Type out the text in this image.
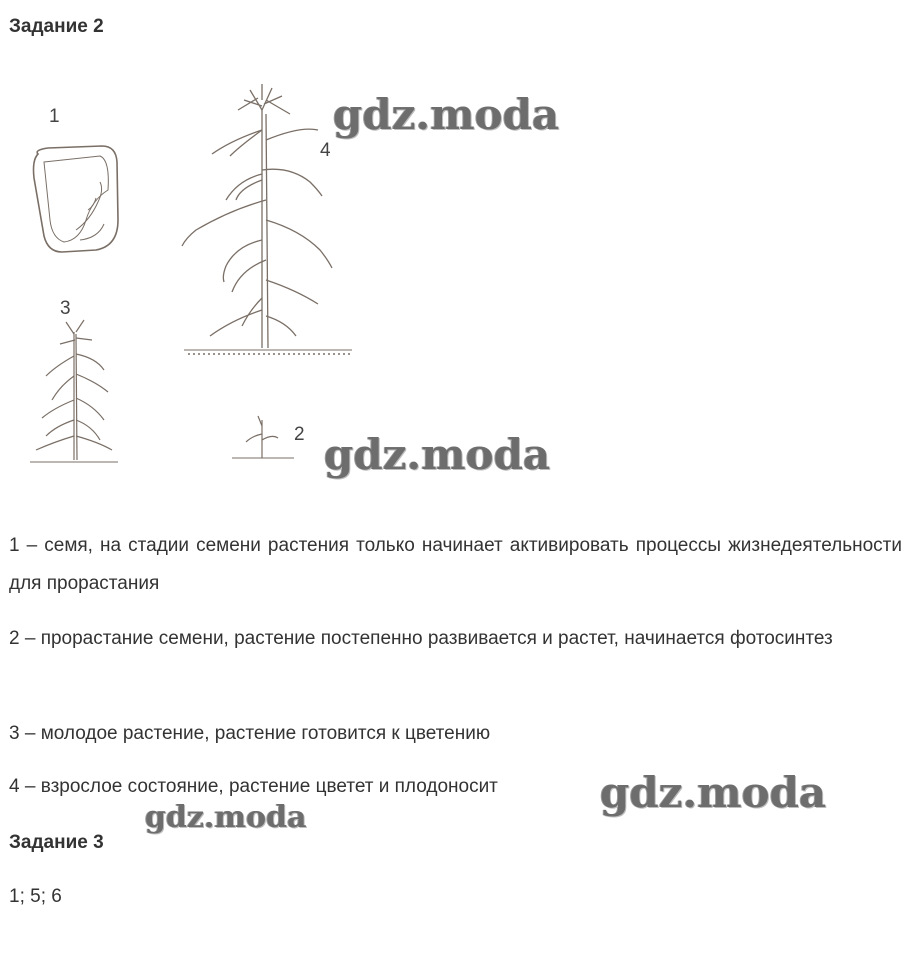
Задание 2
1
2
3
4
gdz.moda
gdz.moda
gdz.moda
gdz.moda
1 – семя, на стадии семени растения только начинает активировать процессы жизнедеятельности для прорастания
2 – прорастание семени, растение постепенно развивается и растет, начинается фотосинтез
3 – молодое растение, растение готовится к цветению
4 – взрослое состояние, растение цветет и плодоносит
Задание 3
1; 5; 6
